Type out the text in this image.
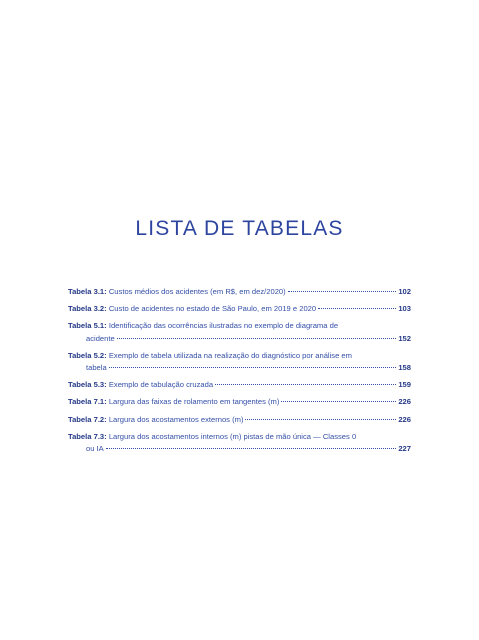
LISTA DE TABELAS
Tabela 3.1:
Custos médios dos acidentes (em R$, em dez/2020)	102
Tabela 3.2:
Custo de acidentes no estado de São Paulo, em 2019 e 2020	103
Tabela 5.1:
Identificação das ocorrências ilustradas no exemplo de diagrama de
acidente	152
Tabela 5.2:
Exemplo de tabela utilizada na realização do diagnóstico por análise em
tabela	158
Tabela 5.3:
Exemplo de tabulação cruzada	159
Tabela 7.1:
Largura das faixas de rolamento em tangentes (m)	226
Tabela 7.2:
Largura dos acostamentos externos (m)	226
Tabela 7.3:
Largura dos acostamentos internos (m) pistas de mão única — Classes 0
ou IA	227
